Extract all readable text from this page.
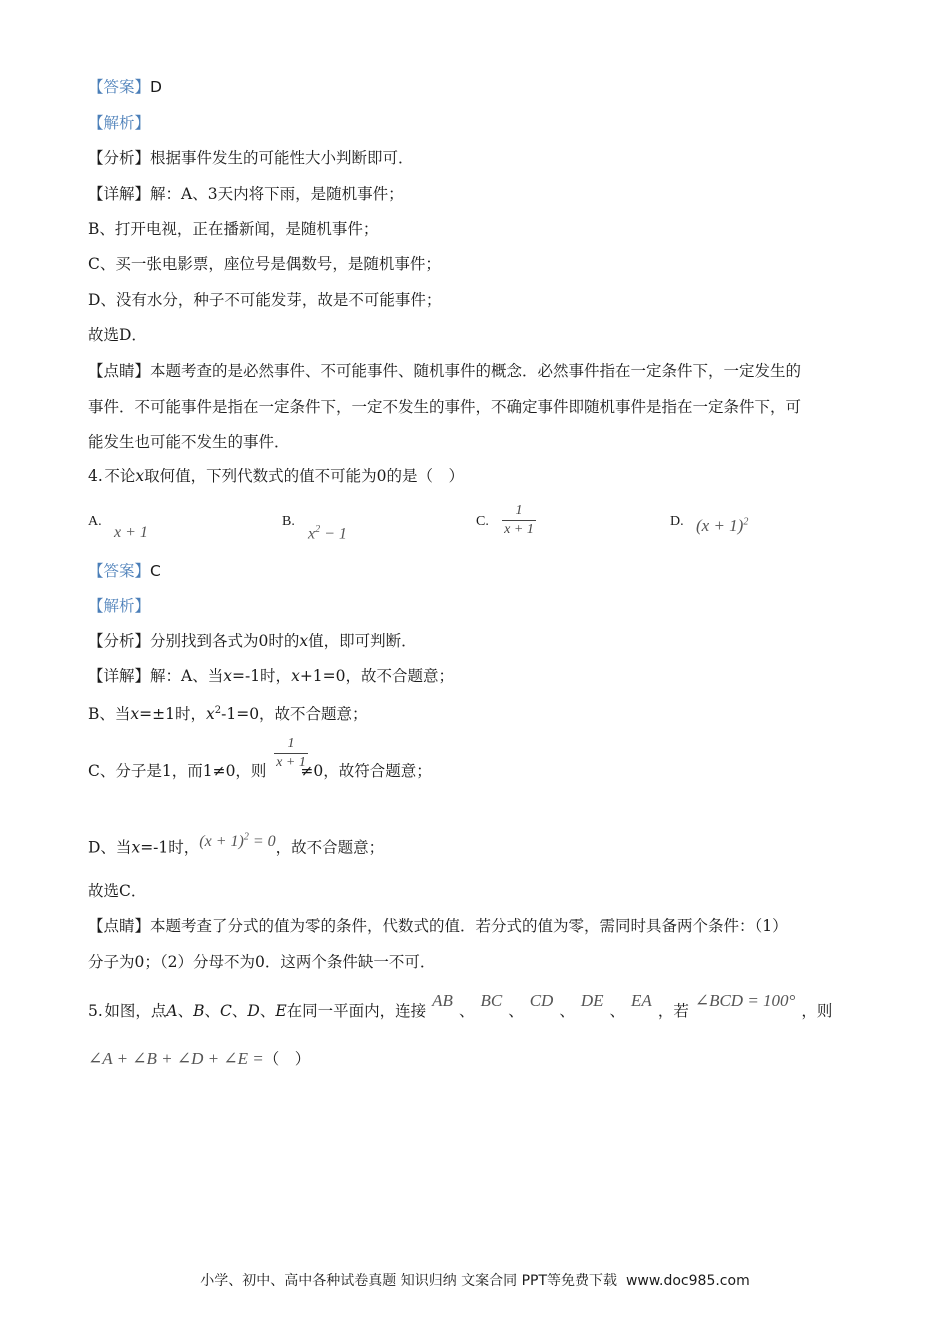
【答案】D
【解析】
【分析】根据事件发生的可能性大小判断即可．
【详解】解：A、3天内将下雨，是随机事件；
B、打开电视，正在播新闻，是随机事件；
C、买一张电影票，座位号是偶数号，是随机事件；
D、没有水分，种子不可能发芽，故是不可能事件；
故选D．
【点睛】本题考查的是必然事件、不可能事件、随机事件的概念．必然事件指在一定条件下，一定发生的
事件．不可能事件是指在一定条件下，一定不发生的事件，不确定事件即随机事件是指在一定条件下，可
能发生也可能不发生的事件．
4. 不论x取何值，下列代数式的值不可能为0的是（　）
A.
x + 1
B.
$x^2 - 1$
C.
1
x + 1
D. $(x + 1)^2$
【答案】C
【解析】
【分析】分别找到各式为0时的x值，即可判断．
【详解】解：A、当x=-1时，x+1=0，故不合题意；
B、当x=±1时，$x^2-1=0$，故不合题意；
C、分子是1，而1≠0，则 ≠0，故符合题意；
1
x + 1
D、当x=-1时，$(x + 1)^2 = 0$，故不合题意；
故选C．
【点睛】本题考查了分式的值为零的条件，代数式的值．若分式的值为零，需同时具备两个条件：（1）
分子为0；（2）分母不为0．这两个条件缺一不可．
5. 如图，点A、B、C、D、E在同一平面内，连接AB、BC、CD、DE、EA，若∠BCD = 100°，则
∠A + ∠B + ∠D + ∠E =（　）
小学、初中、高中各种试卷真题 知识归纳 文案合同 PPT等免费下载 www.doc985.com
